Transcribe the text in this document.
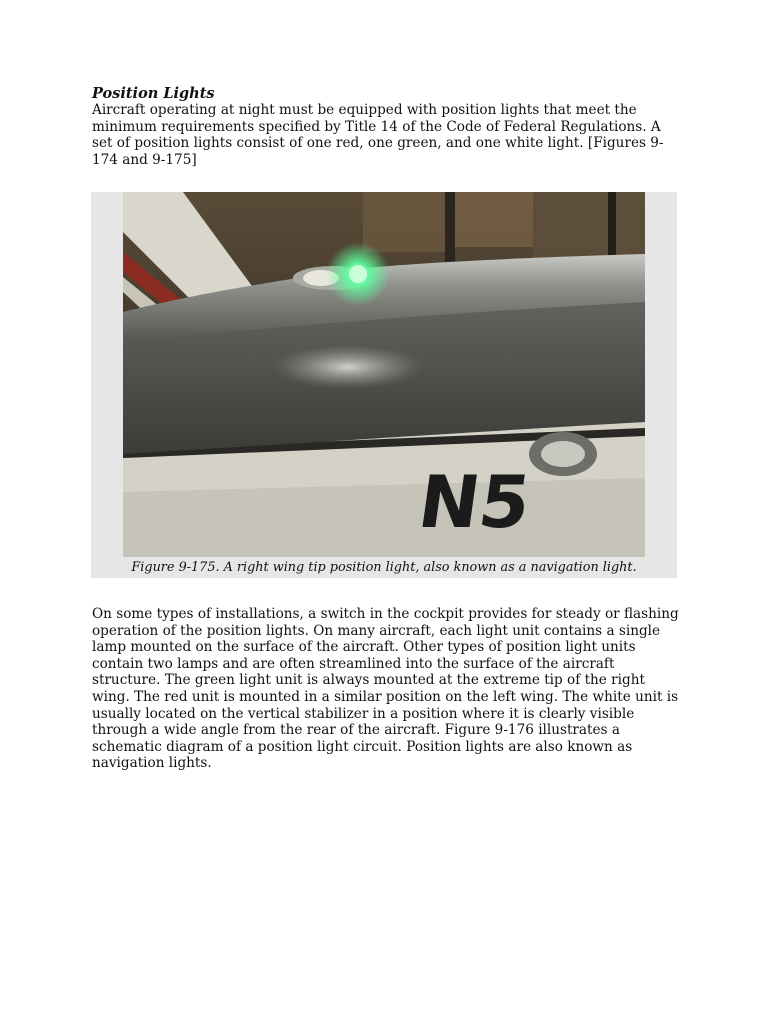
Position Lights

Aircraft operating at night must be equipped with position lights that meet the minimum requirements specified by Title 14 of the Code of Federal Regulations. A set of position lights consist of one red, one green, and one white light. [Figures 9-174 and 9-175]

N5
Figure 9-175. A right wing tip position light, also known as a navigation light.

On some types of installations, a switch in the cockpit provides for steady or flashing operation of the position lights. On many aircraft, each light unit contains a single lamp mounted on the surface of the aircraft. Other types of position light units contain two lamps and are often streamlined into the surface of the aircraft structure. The green light unit is always mounted at the extreme tip of the right wing. The red unit is mounted in a similar position on the left wing. The white unit is usually located on the vertical stabilizer in a position where it is clearly visible through a wide angle from the rear of the aircraft. Figure 9-176 illustrates a schematic diagram of a position light circuit. Position lights are also known as navigation lights.
